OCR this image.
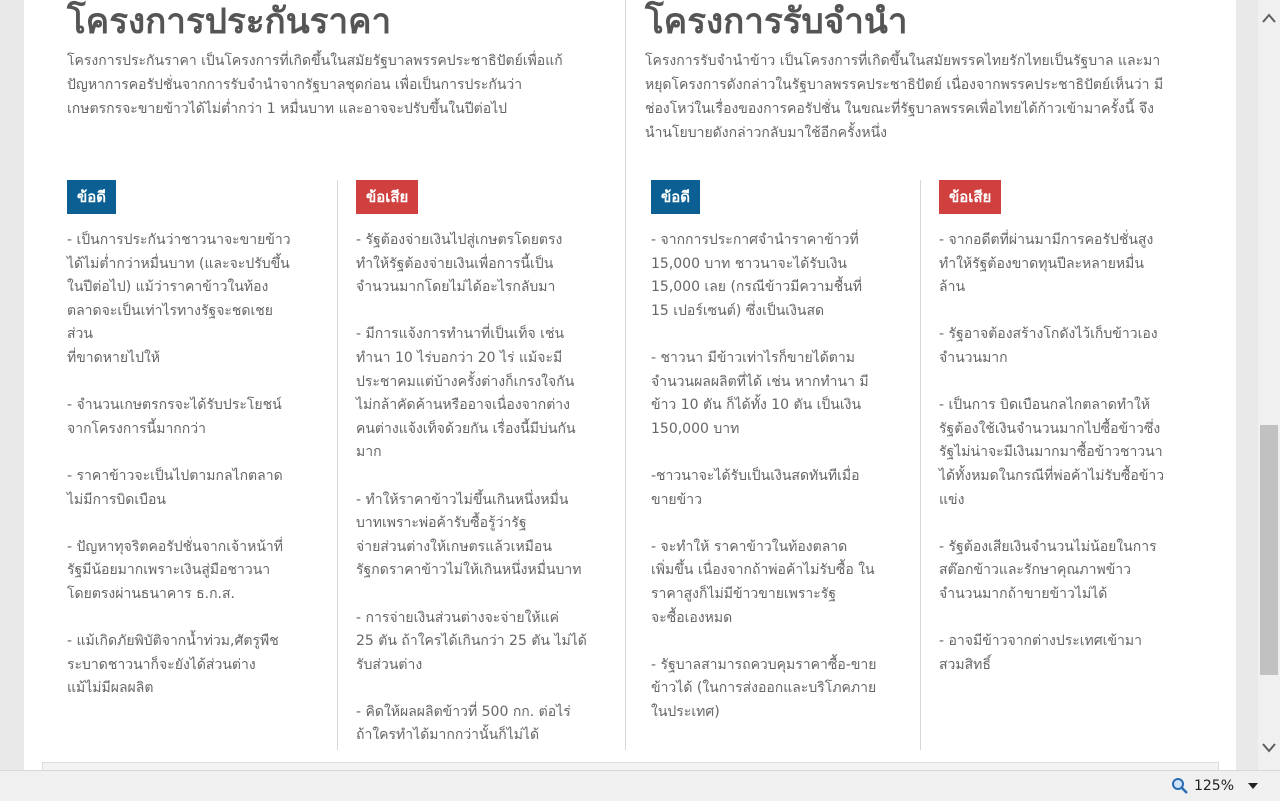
โครงการประกันราคา

โครงการประกันราคา เป็นโครงการที่เกิดขึ้นในสมัยรัฐบาลพรรคประชาธิปัตย์เพื่อแก้
ปัญหาการคอรัปชั่นจากการรับจำนำจากรัฐบาลชุดก่อน เพื่อเป็นการประกันว่า
เกษตรกรจะขายข้าวได้ไม่ต่ำกว่า 1 หมื่นบาท และอาจจะปรับขึ้นในปีต่อไป

ข้อดี	ข้อเสีย
- เป็นการประกันว่าชาวนาจะขายข้าว
ได้ไม่ต่ำกว่าหมื่นบาท (และจะปรับขึ้น
ในปีต่อไป) แม้ว่าราคาข้าวในท้อง
ตลาดจะเป็นเท่าไรทางรัฐจะชดเชย
ส่วน
ที่ขาดหายไปให้
- จำนวนเกษตรกรจะได้รับประโยชน์
จากโครงการนี้มากกว่า
- ราคาข้าวจะเป็นไปตามกลไกตลาด
ไม่มีการบิดเบือน
- ปัญหาทุจริตคอรัปชั่นจากเจ้าหน้าที่
รัฐมีน้อยมากเพราะเงินสู่มือชาวนา
โดยตรงผ่านธนาคาร ธ.ก.ส.
- แม้เกิดภัยพิบัติจากน้ำท่วม,ศัตรูพืช
ระบาดชาวนาก็จะยังได้ส่วนต่าง
แม้ไม่มีผลผลิต
- รัฐต้องจ่ายเงินไปสู่เกษตรโดยตรง
ทำให้รัฐต้องจ่ายเงินเพื่อการนี้เป็น
จำนวนมากโดยไม่ได้อะไรกลับมา
- มีการแจ้งการทำนาที่เป็นเท็จ เช่น
ทำนา 10 ไร่บอกว่า 20 ไร่ แม้จะมี
ประชาคมแต่บ้างครั้งต่างก็เกรงใจกัน
ไม่กล้าคัดค้านหรืออาจเนื่องจากต่าง
คนต่างแจ้งเท็จด้วยกัน เรื่องนี้มีบ่นกัน
มาก
- ทำให้ราคาข้าวไม่ขึ้นเกินหนึ่งหมื่น
บาทเพราะพ่อค้ารับซื้อรู้ว่ารัฐ
จ่ายส่วนต่างให้เกษตรแล้วเหมือน
รัฐกดราคาข้าวไม่ให้เกินหนึ่งหมื่นบาท
- การจ่ายเงินส่วนต่างจะจ่ายให้แค่
25 ตัน ถ้าใครได้เกินกว่า 25 ตัน ไม่ได้
รับส่วนต่าง
- คิดให้ผลผลิตข้าวที่ 500 กก. ต่อไร่
ถ้าใครทำได้มากกว่านั้นก็ไม่ได้
โครงการรับจำนำ

โครงการรับจำนำข้าว เป็นโครงการที่เกิดขึ้นในสมัยพรรคไทยรักไทยเป็นรัฐบาล และมา
หยุดโครงการดังกล่าวในรัฐบาลพรรคประชาธิปัตย์ เนื่องจากพรรคประชาธิปัตย์เห็นว่า มี
ช่องโหว่ในเรื่องของการคอรัปชั่น ในขณะที่รัฐบาลพรรคเพื่อไทยได้ก้าวเข้ามาครั้งนี้ จึง
นำนโยบายดังกล่าวกลับมาใช้อีกครั้งหนึ่ง

ข้อดี	ข้อเสีย
- จากการประกาศจำนำราคาข้าวที่
15,000 บาท ชาวนาจะได้รับเงิน
15,000 เลย (กรณีข้าวมีความชื้นที่
15 เปอร์เซนต์) ซึ่งเป็นเงินสด
- ชาวนา มีข้าวเท่าไรก็ขายได้ตาม
จำนวนผลผลิตที่ได้ เช่น หากทำนา มี
ข้าว 10 ตัน ก็ได้ทั้ง 10 ตัน เป็นเงิน
150,000 บาท
-ชาวนาจะได้รับเป็นเงินสดทันทีเมื่อ
ขายข้าว
- จะทำให้ ราคาข้าวในท้องตลาด
เพิ่มขึ้น เนื่องจากถ้าพ่อค้าไม่รับซื้อ ใน
ราคาสูงก็ไม่มีข้าวขายเพราะรัฐ
จะซื้อเองหมด
- รัฐบาลสามารถควบคุมราคาซื้อ-ขาย
ข้าวได้ (ในการส่งออกและบริโภคภาย
ในประเทศ)
- จากอดีตที่ผ่านมามีการคอรัปชั่นสูง
ทำให้รัฐต้องขาดทุนปีละหลายหมื่น
ล้าน
- รัฐอาจต้องสร้างโกดังไว้เก็บข้าวเอง
จำนวนมาก
- เป็นการ บิดเบือนกลไกตลาดทำให้
รัฐต้องใช้เงินจำนวนมากไปซื้อข้าวซึ่ง
รัฐไม่น่าจะมีเงินมากมาซื้อข้าวชาวนา
ได้ทั้งหมดในกรณีที่พ่อค้าไม่รับซื้อข้าว
แข่ง
- รัฐต้องเสียเงินจำนวนไม่น้อยในการ
สต๊อกข้าวและรักษาคุณภาพข้าว
จำนวนมากถ้าขายข้าวไม่ได้
- อาจมีข้าวจากต่างประเทศเข้ามา
สวมสิทธิ์
125%
